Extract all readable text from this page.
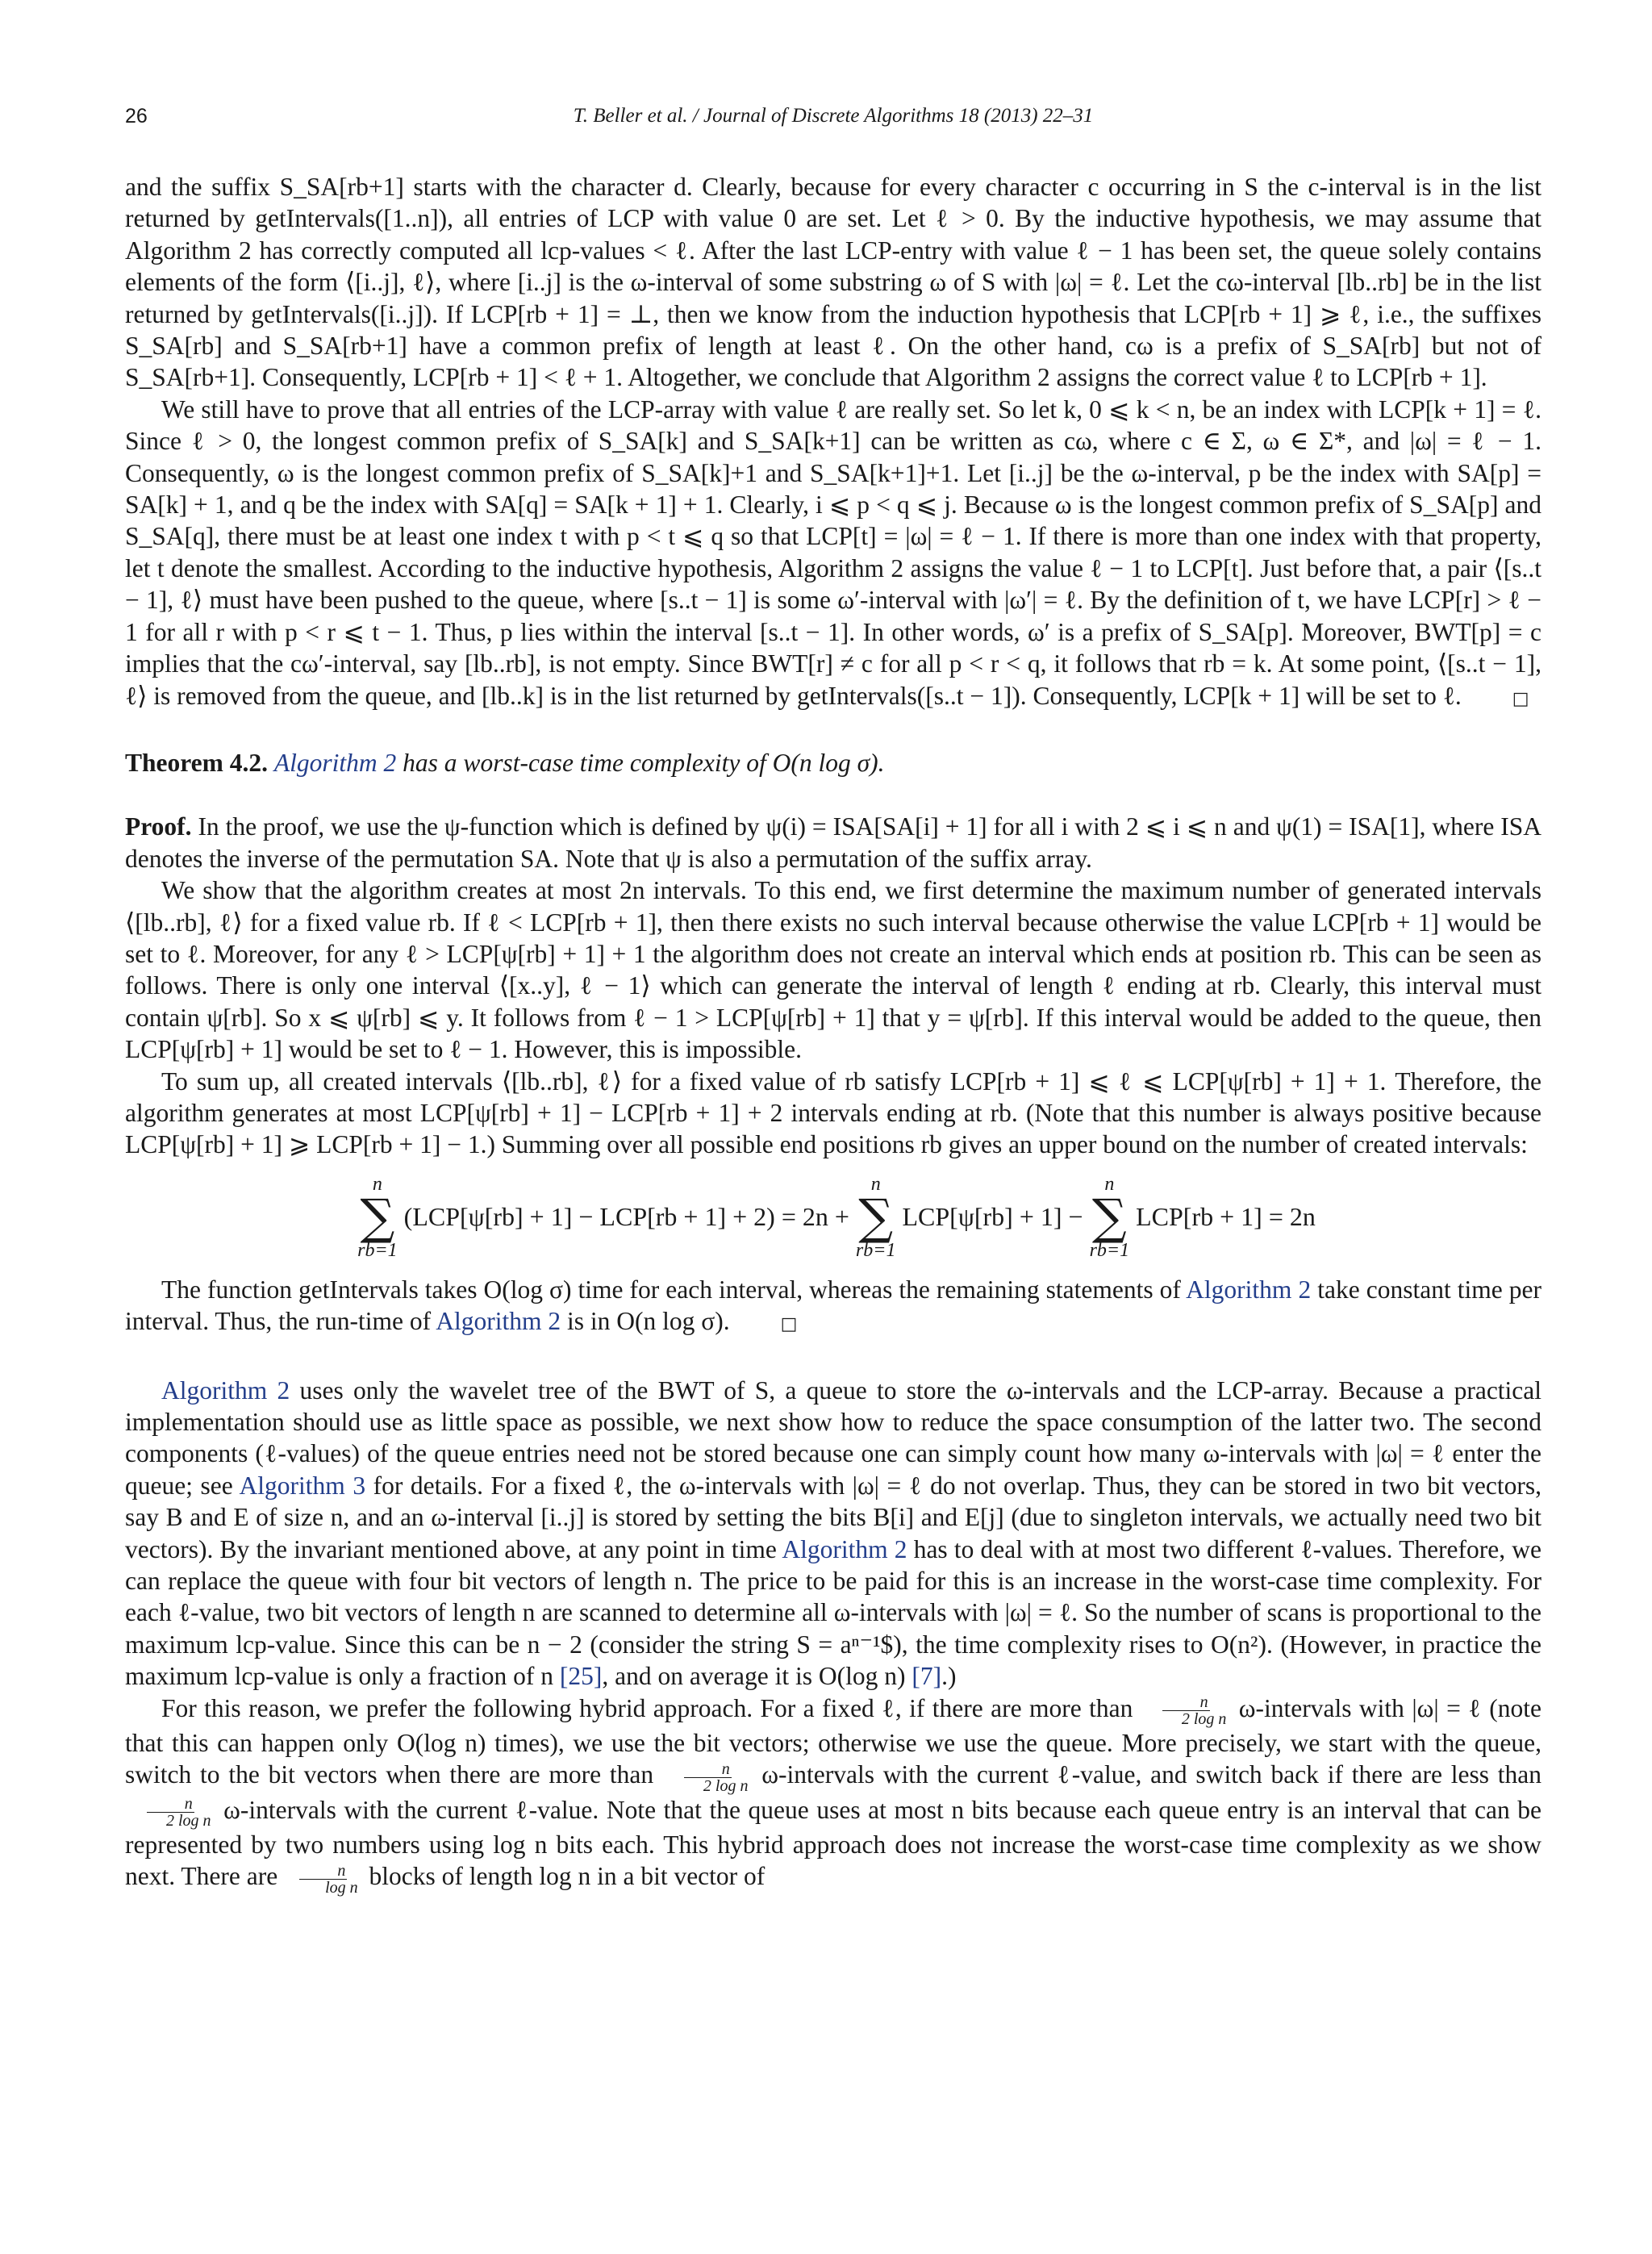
26	T. Beller et al. / Journal of Discrete Algorithms 18 (2013) 22–31

and the suffix S_SA[rb+1] starts with the character d. Clearly, because for every character c occurring in S the c-interval is in the list returned by getIntervals([1..n]), all entries of LCP with value 0 are set. Let ℓ > 0. By the inductive hypothesis, we may assume that Algorithm 2 has correctly computed all lcp-values < ℓ. After the last LCP-entry with value ℓ − 1 has been set, the queue solely contains elements of the form ⟨[i..j], ℓ⟩, where [i..j] is the ω-interval of some substring ω of S with |ω| = ℓ. Let the cω-interval [lb..rb] be in the list returned by getIntervals([i..j]). If LCP[rb + 1] = ⊥, then we know from the induction hypothesis that LCP[rb + 1] ⩾ ℓ, i.e., the suffixes S_SA[rb] and S_SA[rb+1] have a common prefix of length at least ℓ. On the other hand, cω is a prefix of S_SA[rb] but not of S_SA[rb+1]. Consequently, LCP[rb + 1] < ℓ + 1. Altogether, we conclude that Algorithm 2 assigns the correct value ℓ to LCP[rb + 1].

We still have to prove that all entries of the LCP-array with value ℓ are really set. So let k, 0 ⩽ k < n, be an index with LCP[k + 1] = ℓ. Since ℓ > 0, the longest common prefix of S_SA[k] and S_SA[k+1] can be written as cω, where c ∈ Σ, ω ∈ Σ*, and |ω| = ℓ − 1. Consequently, ω is the longest common prefix of S_SA[k]+1 and S_SA[k+1]+1. Let [i..j] be the ω-interval, p be the index with SA[p] = SA[k] + 1, and q be the index with SA[q] = SA[k + 1] + 1. Clearly, i ⩽ p < q ⩽ j. Because ω is the longest common prefix of S_SA[p] and S_SA[q], there must be at least one index t with p < t ⩽ q so that LCP[t] = |ω| = ℓ − 1. If there is more than one index with that property, let t denote the smallest. According to the inductive hypothesis, Algorithm 2 assigns the value ℓ − 1 to LCP[t]. Just before that, a pair ⟨[s..t − 1], ℓ⟩ must have been pushed to the queue, where [s..t − 1] is some ω′-interval with |ω′| = ℓ. By the definition of t, we have LCP[r] > ℓ − 1 for all r with p < r ⩽ t − 1. Thus, p lies within the interval [s..t − 1]. In other words, ω′ is a prefix of S_SA[p]. Moreover, BWT[p] = c implies that the cω′-interval, say [lb..rb], is not empty. Since BWT[r] ≠ c for all p < r < q, it follows that rb = k. At some point, ⟨[s..t − 1], ℓ⟩ is removed from the queue, and [lb..k] is in the list returned by getIntervals([s..t − 1]). Consequently, LCP[k + 1] will be set to ℓ.	□

Theorem 4.2. Algorithm 2 has a worst-case time complexity of O(n log σ).

Proof. In the proof, we use the ψ-function which is defined by ψ(i) = ISA[SA[i] + 1] for all i with 2 ⩽ i ⩽ n and ψ(1) = ISA[1], where ISA denotes the inverse of the permutation SA. Note that ψ is also a permutation of the suffix array.

We show that the algorithm creates at most 2n intervals. To this end, we first determine the maximum number of generated intervals ⟨[lb..rb], ℓ⟩ for a fixed value rb. If ℓ < LCP[rb + 1], then there exists no such interval because otherwise the value LCP[rb + 1] would be set to ℓ. Moreover, for any ℓ > LCP[ψ[rb] + 1] + 1 the algorithm does not create an interval which ends at position rb. This can be seen as follows. There is only one interval ⟨[x..y], ℓ − 1⟩ which can generate the interval of length ℓ ending at rb. Clearly, this interval must contain ψ[rb]. So x ⩽ ψ[rb] ⩽ y. It follows from ℓ − 1 > LCP[ψ[rb] + 1] that y = ψ[rb]. If this interval would be added to the queue, then LCP[ψ[rb] + 1] would be set to ℓ − 1. However, this is impossible.

To sum up, all created intervals ⟨[lb..rb], ℓ⟩ for a fixed value of rb satisfy LCP[rb + 1] ⩽ ℓ ⩽ LCP[ψ[rb] + 1] + 1. Therefore, the algorithm generates at most LCP[ψ[rb] + 1] − LCP[rb + 1] + 2 intervals ending at rb. (Note that this number is always positive because LCP[ψ[rb] + 1] ⩾ LCP[rb + 1] − 1.) Summing over all possible end positions rb gives an upper bound on the number of created intervals:

n
∑
rb=1
(LCP[ψ[rb] + 1] − LCP[rb + 1] + 2) = 2n +
n
∑
rb=1
LCP[ψ[rb] + 1] −
n
∑
rb=1
LCP[rb + 1] = 2n

The function getIntervals takes O(log σ) time for each interval, whereas the remaining statements of Algorithm 2 take constant time per interval. Thus, the run-time of Algorithm 2 is in O(n log σ).	□

Algorithm 2 uses only the wavelet tree of the BWT of S, a queue to store the ω-intervals and the LCP-array. Because a practical implementation should use as little space as possible, we next show how to reduce the space consumption of the latter two. The second components (ℓ-values) of the queue entries need not be stored because one can simply count how many ω-intervals with |ω| = ℓ enter the queue; see Algorithm 3 for details. For a fixed ℓ, the ω-intervals with |ω| = ℓ do not overlap. Thus, they can be stored in two bit vectors, say B and E of size n, and an ω-interval [i..j] is stored by setting the bits B[i] and E[j] (due to singleton intervals, we actually need two bit vectors). By the invariant mentioned above, at any point in time Algorithm 2 has to deal with at most two different ℓ-values. Therefore, we can replace the queue with four bit vectors of length n. The price to be paid for this is an increase in the worst-case time complexity. For each ℓ-value, two bit vectors of length n are scanned to determine all ω-intervals with |ω| = ℓ. So the number of scans is proportional to the maximum lcp-value. Since this can be n − 2 (consider the string S = aⁿ⁻¹$), the time complexity rises to O(n²). (However, in practice the maximum lcp-value is only a fraction of n [25], and on average it is O(log n) [7].)

For this reason, we prefer the following hybrid approach. For a fixed ℓ, if there are more than $\frac{n}{\text{2 log n}}$ ω-intervals with |ω| = ℓ (note that this can happen only O(log n) times), we use the bit vectors; otherwise we use the queue. More precisely, we start with the queue, switch to the bit vectors when there are more than $\frac{n}{\text{2 log n}}$ ω-intervals with the current ℓ-value, and switch back if there are less than
$\frac{n}{\text{2 log n}}$ ω-intervals with the current ℓ-value. Note that the queue uses at most n bits because each queue entry is an interval that can be represented by two numbers using log n bits each. This hybrid approach does not increase the worst-case time complexity as we show next. There are $\frac{n}{\text{log n}}$ blocks of length log n in a bit vector of
